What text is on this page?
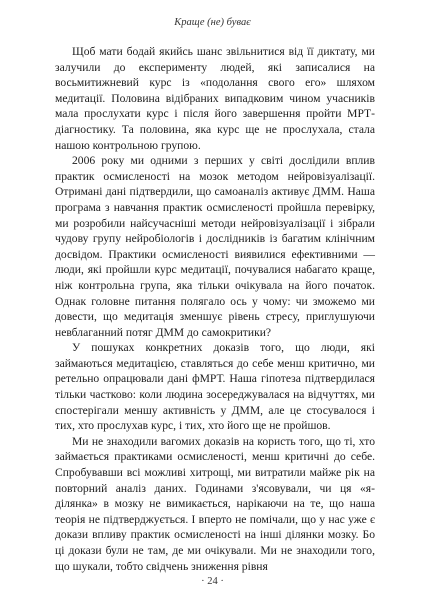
Краще (не) буває

Щоб мати бодай якийсь шанс звільнитися від її диктату, ми залучили до експерименту людей, які записалися на восьмитижневий курс із «подолання свого его» шляхом медитації. Половина відібраних випадковим чином учасників мала прослухати курс і після його завершення пройти МРТ-діагностику. Та половина, яка курс ще не прослухала, стала нашою контрольною групою.

2006 року ми одними з перших у світі дослідили вплив практик осмисленості на мозок методом нейровізуалізації. Отримані дані підтвердили, що самоаналіз активує ДММ. Наша програма з навчання практик осмисленості пройшла перевірку, ми розробили найсучасніші методи нейровізуалізації і зібрали чудову групу нейробіологів і дослідників із багатим клінічним досвідом. Практики осмисленості виявилися ефективними — люди, які пройшли курс медитації, почувалися набагато краще, ніж контрольна група, яка тільки очікувала на його початок. Однак головне питання полягало ось у чому: чи зможемо ми довести, що медитація зменшує рівень стресу, приглушуючи невблаганний потяг ДММ до самокритики?

У пошуках конкретних доказів того, що люди, які займаються медитацією, ставляться до себе менш критично, ми ретельно опрацювали дані фМРТ. Наша гіпотеза підтвердилася тільки частково: коли людина зосереджувалася на відчуттях, ми спостерігали меншу активність у ДММ, але це стосувалося і тих, хто прослухав курс, і тих, хто його ще не пройшов.

Ми не знаходили вагомих доказів на користь того, що ті, хто займається практиками осмисленості, менш критичні до себе. Спробувавши всі можливі хитрощі, ми витратили майже рік на повторний аналіз даних. Годинами з'ясовували, чи ця «я-ділянка» в мозку не вимикається, нарікаючи на те, що наша теорія не підтверджується. І вперто не помічали, що у нас уже є докази впливу практик осмисленості на інші ділянки мозку. Бо ці докази були не там, де ми очікували. Ми не знаходили того, що шукали, тобто свідчень зниження рівня

· 24 ·
